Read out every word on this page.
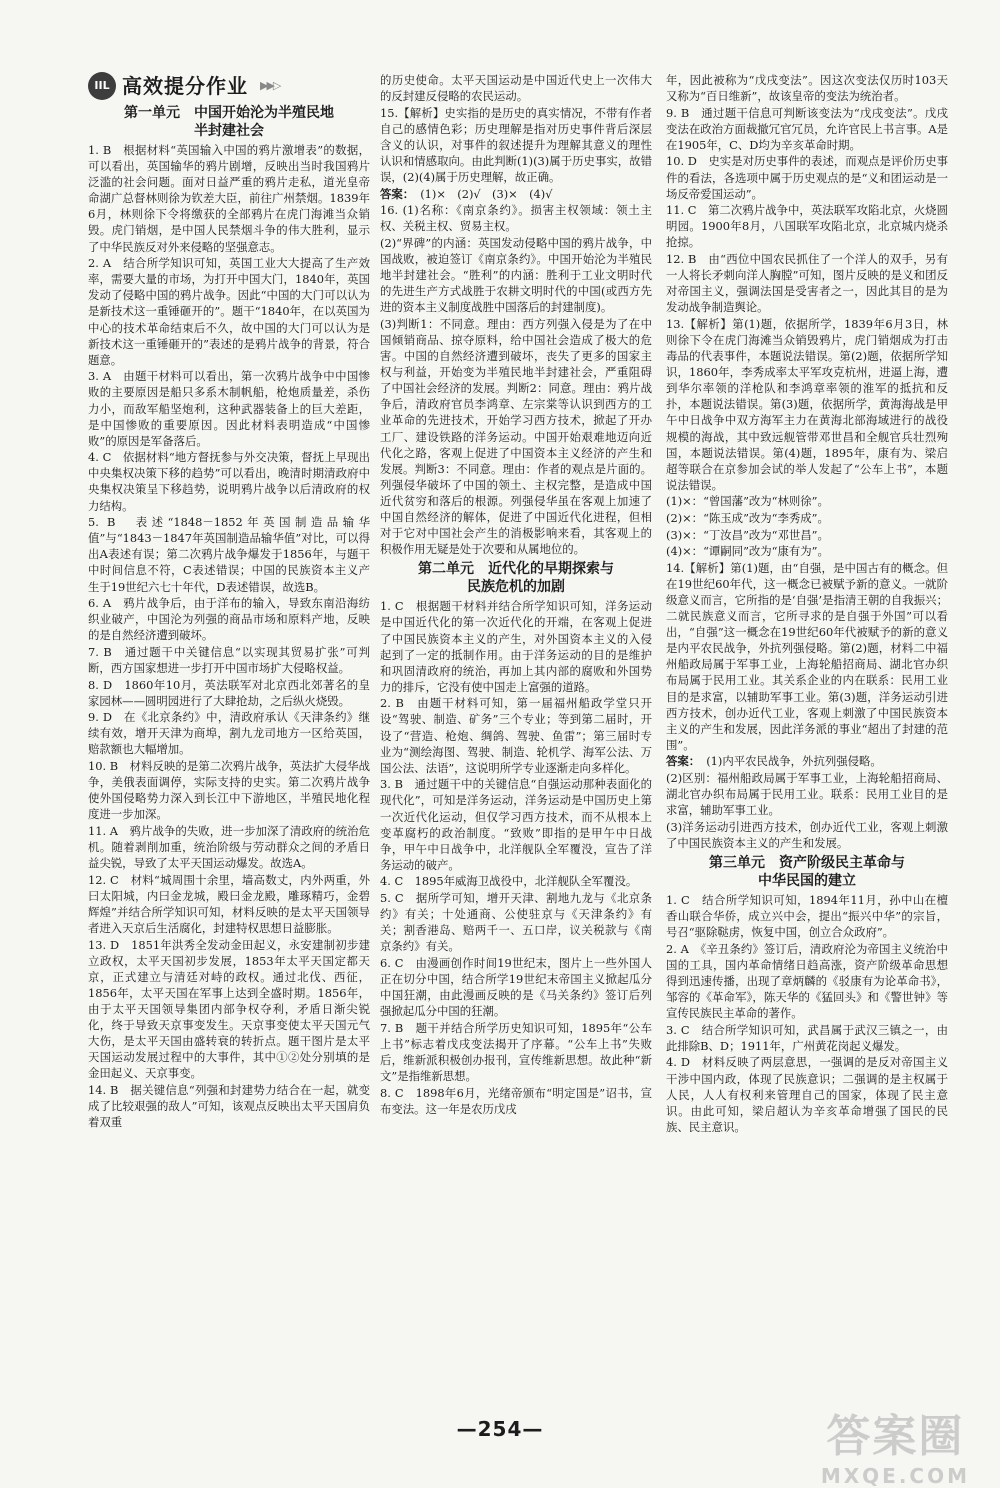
IIL 高效提分作业 ▶▶▷
第一单元　中国开始沦为半殖民地
半封建社会

1. B　根据材料“英国输入中国的鸦片激增表”的数据，可以看出，英国输华的鸦片剧增，反映出当时我国鸦片泛滥的社会问题。面对日益严重的鸦片走私，道光皇帝命湖广总督林则徐为钦差大臣，前往广州禁烟。1839年6月，林则徐下令将缴获的全部鸦片在虎门海滩当众销毁。虎门销烟，是中国人民禁烟斗争的伟大胜利，显示了中华民族反对外来侵略的坚强意志。

2. A　结合所学知识可知，英国工业大大提高了生产效率，需要大量的市场，为打开中国大门，1840年，英国发动了侵略中国的鸦片战争。因此“中国的大门可以认为是新技术这一重锤砸开的”。题干“1840年，在以英国为中心的技术革命结束后不久，故中国的大门可以认为是新技术这一重锤砸开的”表述的是鸦片战争的背景，符合题意。

3. A　由题干材料可以看出，第一次鸦片战争中中国惨败的主要原因是船只多系木制帆船，枪炮质量差，杀伤力小，而敌军船坚炮利，这种武器装备上的巨大差距，是中国惨败的重要原因。因此材料表明造成“中国惨败”的原因是军备落后。

4. C　依据材料“地方督抚参与外交决策，督抚上早现出中央集权决策下移的趋势”可以看出，晚清时期清政府中央集权决策呈下移趋势，说明鸦片战争以后清政府的权力结构。

5. B　表述“1848－1852年英国制造品输华值”与“1843－1847年英国制造品输华值”对比，可以得出A表述有误；第二次鸦片战争爆发于1856年，与题干中时间信息不符，C表述错误；中国的民族资本主义产生于19世纪六七十年代，D表述错误，故选B。

6. A　鸦片战争后，由于洋布的输入，导致东南沿海纺织业破产，中国沦为列强的商品市场和原料产地，反映的是自然经济遭到破坏。

7. B　通过题干中关键信息“以实现其贸易扩张”可判断，西方国家想进一步打开中国市场扩大侵略权益。

8. D　1860年10月，英法联军对北京西北郊著名的皇家园林——圆明园进行了大肆抢劫，之后纵火烧毁。

9. D　在《北京条约》中，清政府承认《天津条约》继续有效，增开天津为商埠，割九龙司地方一区给英国，赔款额也大幅增加。

10. B　材料反映的是第二次鸦片战争，英法扩大侵华战争，美俄表面调停，实际支持的史实。第二次鸦片战争使外国侵略势力深入到长江中下游地区，半殖民地化程度进一步加深。

11. A　鸦片战争的失败，进一步加深了清政府的统治危机。随着剥削加重，统治阶级与劳动群众之间的矛盾日益尖锐，导致了太平天国运动爆发。故选A。

12. C　材料“城周围十余里，墙高数丈，内外两重，外曰太阳城，内曰金龙城，殿曰金龙殿，雕琢精巧，金碧辉煌”并结合所学知识可知，材料反映的是太平天国领导者进入天京后生活腐化，封建特权思想日益膨胀。

13. D　1851年洪秀全发动金田起义，永安建制初步建立政权，太平天国初步发展，1853年太平天国定都天京，正式建立与清廷对峙的政权。通过北伐、西征，1856年，太平天国在军事上达到全盛时期。1856年，由于太平天国领导集团内部争权夺利，矛盾日渐尖锐化，终于导致天京事变发生。天京事变使太平天国元气大伤，是太平天国由盛转衰的转折点。题干图片是太平天国运动发展过程中的大事件，其中①②处分别填的是金田起义、天京事变。

14. B　据关键信息“列强和封建势力结合在一起，就变成了比较艰强的敌人”可知，该观点反映出太平天国肩负着双重

的历史使命。太平天国运动是中国近代史上一次伟大的反封建反侵略的农民运动。

15.【解析】史实指的是历史的真实情况，不带有作者自己的感情色彩；历史理解是指对历史事件背后深层含义的认识，对事件的叙述提升为理解其意义的理性认识和情感取向。由此判断(1)(3)属于历史事实，故错误，(2)(4)属于历史理解，故正确。

答案： (1)×　(2)√　(3)×　(4)√

16. (1)名称：《南京条约》。损害主权领域：领土主权、关税主权、贸易主权。

(2)“界碑”的内涵：英国发动侵略中国的鸦片战争，中国战败，被迫签订《南京条约》。中国开始沦为半殖民地半封建社会。“胜利”的内涵：胜利于工业文明时代的先进生产方式战胜于农耕文明时代的中国(或西方先进的资本主义制度战胜中国落后的封建制度)。

(3)判断1：不同意。理由：西方列强入侵是为了在中国倾销商品、掠夺原料，给中国社会造成了极大的危害。中国的自然经济遭到破坏，丧失了更多的国家主权与利益，开始变为半殖民地半封建社会，严重阻碍了中国社会经济的发展。判断2：同意。理由：鸦片战争后，清政府官员李鸿章、左宗棠等认识到西方的工业革命的先进技术，开始学习西方技术，掀起了开办工厂、建设铁路的洋务运动。中国开始艰难地迈向近代化之路，客观上促进了中国资本主义经济的产生和发展。判断3：不同意。理由：作者的观点是片面的。列强侵华破坏了中国的领土、主权完整，是造成中国近代贫穷和落后的根源。列强侵华虽在客观上加速了中国自然经济的解体，促进了中国近代化进程，但相对于它对中国社会产生的消极影响来看，其客观上的积极作用无疑是处于次要和从属地位的。

第二单元　近代化的早期探索与
民族危机的加剧

1. C　根据题干材料并结合所学知识可知，洋务运动是中国近代化的第一次近代化的开端，在客观上促进了中国民族资本主义的产生，对外国资本主义的入侵起到了一定的抵制作用。由于洋务运动的目的是维护和巩固清政府的统治，再加上其内部的腐败和外国势力的排斥，它没有使中国走上富强的道路。

2. B　由题干材料可知，第一届福州船政学堂只开设“驾驶、制造、矿务”三个专业；等到第二届时，开设了“营造、枪炮、绸鸽、驾驶、鱼雷”；第三届时专业为“测绘海图、驾驶、制造、轮机学、海军公法、万国公法、法语”，这说明所学专业逐渐走向多样化。

3. B　通过题干中的关键信息“自强运动那种表面化的现代化”，可知是洋务运动，洋务运动是中国历史上第一次近代化运动，但仅学习西方技术，而不从根本上变革腐朽的政治制度。“致败”即指的是甲午中日战争，甲午中日战争中，北洋舰队全军覆没，宣告了洋务运动的破产。

4. C　1895年威海卫战役中，北洋舰队全军覆没。

5. C　据所学可知，增开天津、割地九龙与《北京条约》有关；十处通商、公使驻京与《天津条约》有关；割香港岛、赔两千一、五口岸，议关税款与《南京条约》有关。

6. C　由漫画创作时间19世纪末，图片上一些外国人正在切分中国，结合所学19世纪末帝国主义掀起瓜分中国狂潮，由此漫画反映的是《马关条约》签订后列强掀起瓜分中国的狂潮。

7. B　题干并结合所学历史知识可知，1895年“公车上书”标志着戊戌变法揭开了序幕。“公车上书”失败后，维新派积极创办报刊，宣传维新思想。故此种“新文”是指维新思想。

8. C　1898年6月，光绪帝颁布“明定国是”诏书，宣布变法。这一年是农历戊戌

年，因此被称为“戊戌变法”。因这次变法仅历时103天又称为“百日维新”，故该皇帝的变法为统治者。

9. B　通过题干信息可判断该变法为“戊戌变法”。戊戌变法在政治方面裁撤冗官冗员，允许官民上书言事。A是在1905年，C、D均为辛亥革命时期。

10. D　史实是对历史事件的表述，而观点是评价历史事件的看法，各选项中属于历史观点的是“义和团运动是一场反帝爱国运动”。

11. C　第二次鸦片战争中，英法联军攻陷北京，火烧圆明园。1900年8月，八国联军攻陷北京，北京城内烧杀抢掠。

12. B　由“西位中国农民抓住了一个洋人的双手，另有一人将长矛刺向洋人胸膛”可知，图片反映的是义和团反对帝国主义，强调法国是受害者之一，因此其目的是为发动战争制造舆论。

13.【解析】第(1)题，依据所学，1839年6月3日，林则徐下令在虎门海滩当众销毁鸦片，虎门销烟成为打击毒品的代表事件，本题说法错误。第(2)题，依据所学知识，1860年，李秀成率太平军攻克杭州，进逼上海，遭到华尔率领的洋枪队和李鸿章率领的淮军的抵抗和反扑，本题说法错误。第(3)题，依据所学，黄海海战是甲午中日战争中双方海军主力在黄海北部海域进行的战役规模的海战，其中致远舰管带邓世昌和全舰官兵壮烈殉国，本题说法错误。第(4)题，1895年，康有为、梁启超等联合在京参加会试的举人发起了“公车上书”，本题说法错误。

(1)×：“曾国藩”改为“林则徐”。

(2)×：“陈玉成”改为“李秀成”。

(3)×：“丁汝昌”改为“邓世昌”。

(4)×：“谭嗣同”改为“康有为”。

14.【解析】第(1)题，由“自强，是中国古有的概念。但在19世纪60年代，这一概念已被赋予新的意义。一就阶级意义而言，它所指的是‘自强’是指清王朝的自我振兴；二就民族意义而言，它所寻求的是自强于外国”可以看出，“自强”这一概念在19世纪60年代被赋予的新的意义是内平农民战争，外抗列强侵略。第(2)题，材料二中福州船政局属于军事工业，上海轮船招商局、湖北官办织布局属于民用工业。其关系企业的内在联系：民用工业目的是求富，以辅助军事工业。第(3)题，洋务运动引进西方技术，创办近代工业，客观上刺激了中国民族资本主义的产生和发展，因此洋务派的事业“超出了封建的范围”。

答案： (1)内平农民战争，外抗列强侵略。

(2)区别：福州船政局属于军事工业，上海轮船招商局、湖北官办织布局属于民用工业。联系：民用工业目的是求富，辅助军事工业。

(3)洋务运动引进西方技术，创办近代工业，客观上刺激了中国民族资本主义的产生和发展。

第三单元　资产阶级民主革命与
中华民国的建立

1. C　结合所学知识可知，1894年11月，孙中山在檀香山联合华侨，成立兴中会，提出“振兴中华”的宗旨，号召“驱除鞑虏，恢复中国，创立合众政府”。

2. A　《辛丑条约》签订后，清政府沦为帝国主义统治中国的工具，国内革命情绪日趋高涨，资产阶级革命思想得到迅速传播，出现了章炳麟的《驳康有为论革命书》，邹容的《革命军》，陈天华的《猛回头》和《警世钟》等宣传民族民主革命的著作。

3. C　结合所学知识可知，武昌属于武汉三镇之一，由此排除B、D；1911年，广州黄花岗起义爆发。

4. D　材料反映了两层意思，一强调的是反对帝国主义干涉中国内政，体现了民族意识；二强调的是主权属于人民，人人有权利来管理自己的国家，体现了民主意识。由此可知，梁启超认为辛亥革命增强了国民的民族、民主意识。

—254—	答案圈
MXQE.COM
